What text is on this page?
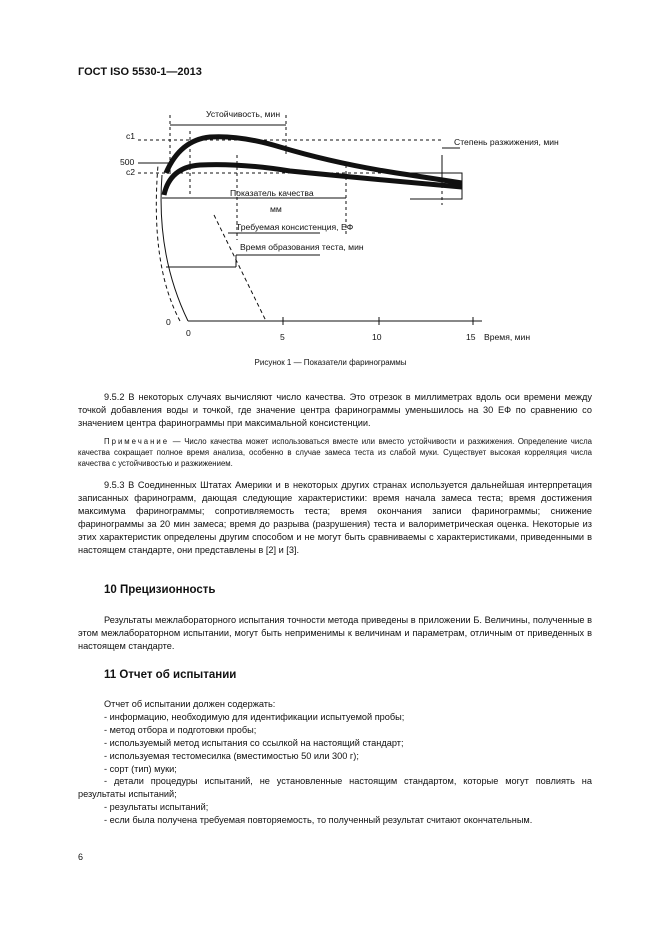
ГОСТ ISO 5530-1—2013
Устойчивость, мин
Степень разжижения, мин
c1
500
c2
Показатель качества
мм
Требуемая консистенция, ЕФ
Время образования теста, мин
0
0	5	10	15 Время, мин
Рисунок 1 — Показатели фаринограммы

9.5.2 В некоторых случаях вычисляют число качества. Это отрезок в миллиметрах вдоль оси времени между точкой добавления воды и точкой, где значение центра фаринограммы уменьшилось на 30 ЕФ по сравнению со значением центра фаринограммы при максимальной консистенции.

Примечание — Число качества может использоваться вместе или вместо устойчивости и разжижения. Определение числа качества сокращает полное время анализа, особенно в случае замеса теста из слабой муки. Существует высокая корреляция числа качества с устойчивостью и разжижением.

9.5.3 В Соединенных Штатах Америки и в некоторых других странах используется дальнейшая интерпретация записанных фаринограмм, дающая следующие характеристики: время начала замеса теста; время достижения максимума фаринограммы; сопротивляемость теста; время окончания записи фаринограммы; снижение фаринограммы за 20 мин замеса; время до разрыва (разрушения) теста и валориметрическая оценка. Некоторые из этих характеристик определены другим способом и не могут быть сравниваемы с характеристиками, приведенными в настоящем стандарте, они представлены в [2] и [3].

10 Прецизионность

Результаты межлабораторного испытания точности метода приведены в приложении Б. Величины, полученные в этом межлабораторном испытании, могут быть неприменимы к величинам и параметрам, отличным от приведенных в настоящем стандарте.

11 Отчет об испытании
Отчет об испытании должен содержать:
- информацию, необходимую для идентификации испытуемой пробы;
- метод отбора и подготовки пробы;
- используемый метод испытания со ссылкой на настоящий стандарт;
- используемая тестомесилка (вместимостью 50 или 300 г);
- сорт (тип) муки;
- детали процедуры испытаний, не установленные настоящим стандартом, которые могут повлиять на результаты испытаний;
- результаты испытаний;
- если была получена требуемая повторяемость, то полученный результат считают окончательным.
6
